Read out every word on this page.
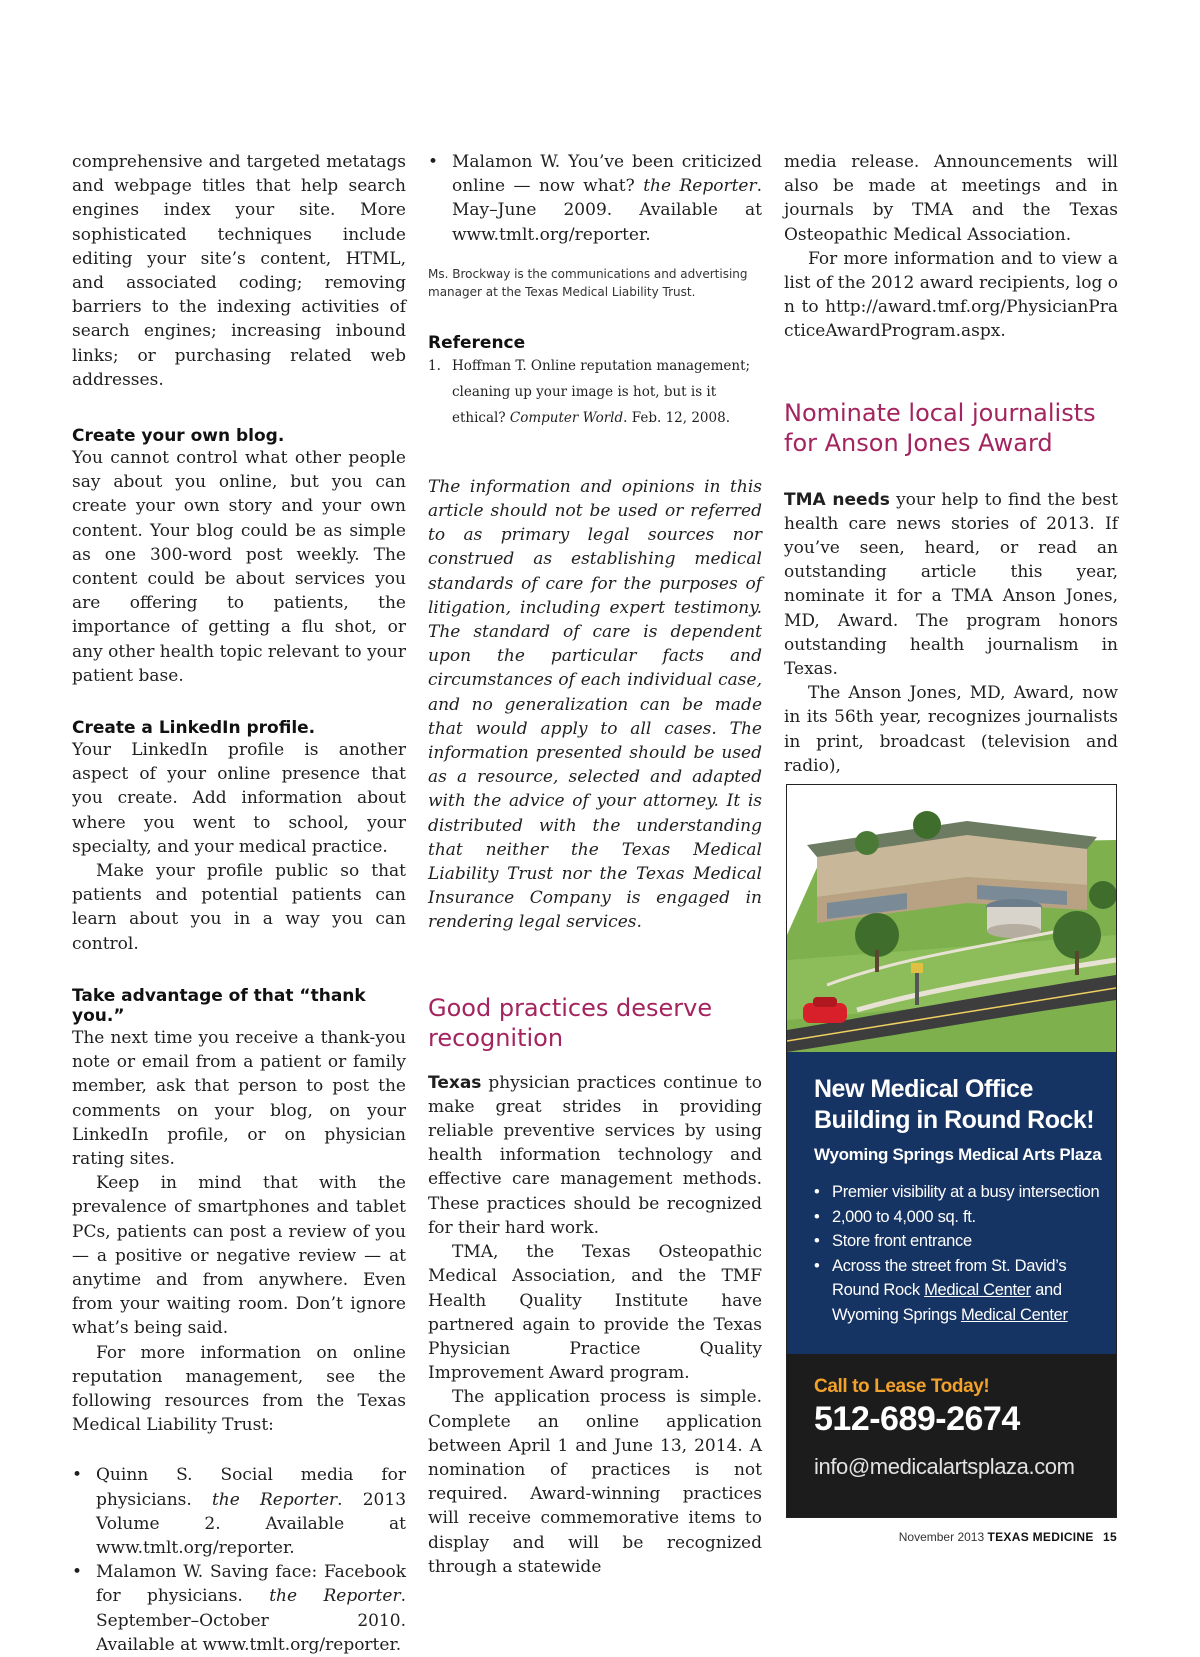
comprehensive and targeted metatags and webpage titles that help search engines index your site. More sophisticated techniques include editing your site’s content, HTML, and associated coding; removing barriers to the indexing activities of search engines; increasing inbound links; or purchasing related web addresses.

Create your own blog.

You cannot control what other people say about you online, but you can create your own story and your own content. Your blog could be as simple as one 300-word post weekly. The content could be about services you are offering to patients, the importance of getting a flu shot, or any other health topic relevant to your patient base.

Create a LinkedIn profile.

Your LinkedIn profile is another aspect of your online presence that you create. Add information about where you went to school, your specialty, and your medical practice.

Make your profile public so that patients and potential patients can learn about you in a way you can control.

Take advantage of that “thank you.”

The next time you receive a thank-you note or email from a patient or family member, ask that person to post the comments on your blog, on your LinkedIn profile, or on physician rating sites.

Keep in mind that with the prevalence of smartphones and tablet PCs, patients can post a review of you — a positive or negative review — at anytime and from anywhere. Even from your waiting room. Don’t ignore what’s being said.

For more information on online reputation management, see the following resources from the Texas Medical Liability Trust:

• Quinn S. Social media for physicians. the Reporter. 2013 Volume 2. Available at www.tmlt.org/reporter.
• Malamon W. Saving face: Facebook for physicians. the Reporter. September–October 2010. Available at www.tmlt.org/reporter.
• Malamon W. You’ve been criticized online — now what? the Reporter. May–June 2009. Available at www.tmlt.org/reporter.

Ms. Brockway is the communications and advertising manager at the Texas Medical Liability Trust.

Reference

1. Hoffman T. Online reputation management; cleaning up your image is hot, but is it ethical? Computer World. Feb. 12, 2008.

The information and opinions in this article should not be used or referred to as primary legal sources nor construed as establishing medical standards of care for the purposes of litigation, including expert testimony. The standard of care is dependent upon the particular facts and circumstances of each individual case, and no generalization can be made that would apply to all cases. The information presented should be used as a resource, selected and adapted with the advice of your attorney. It is distributed with the understanding that neither the Texas Medical Liability Trust nor the Texas Medical Insurance Company is engaged in rendering legal services.

Good practices deserve recognition

Texas physician practices continue to make great strides in providing reliable preventive services by using health information technology and effective care management methods. These practices should be recognized for their hard work.

TMA, the Texas Osteopathic Medical Association, and the TMF Health Quality Institute have partnered again to provide the Texas Physician Practice Quality Improvement Award program.

The application process is simple. Complete an online application between April 1 and June 13, 2014. A nomination of practices is not required. Award-winning practices will receive commemorative items to display and will be recognized through a statewide

media release. Announcements will also be made at meetings and in journals by TMA and the Texas Osteopathic Medical Association.

For more information and to view a list of the 2012 award recipients, log on to http://award.tmf.org/PhysicianPracticeAwardProgram.aspx.

Nominate local journalists for Anson Jones Award

TMA needs your help to find the best health care news stories of 2013. If you’ve seen, heard, or read an outstanding article this year, nominate it for a TMA Anson Jones, MD, Award. The program honors outstanding health journalism in Texas.

The Anson Jones, MD, Award, now in its 56th year, recognizes journalists in print, broadcast (television and radio),

New Medical Office Building in Round Rock!

Wyoming Springs Medical Arts Plaza

• Premier visibility at a busy intersection
• 2,000 to 4,000 sq. ft.
• Store front entrance
• Across the street from St. David’s Round Rock Medical Center and Wyoming Springs Medical Center

Call to Lease Today!

512-689-2674

info@medicalartsplaza.com

November 2013 TEXAS MEDICINE 15
